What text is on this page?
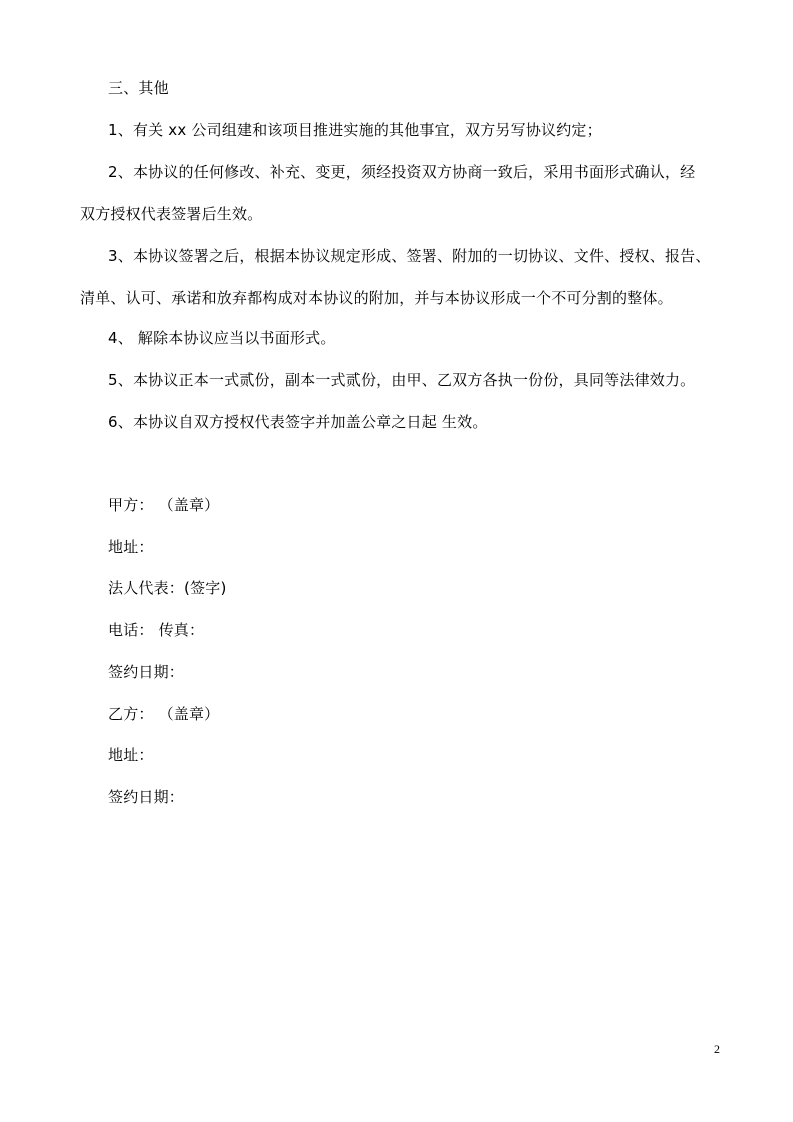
三、其他
1、有关 xx 公司组建和该项目推进实施的其他事宜，双方另写协议约定；
2、本协议的任何修改、补充、变更，须经投资双方协商一致后，采用书面形式确认，经
双方授权代表签署后生效。
3、本协议签署之后，根据本协议规定形成、签署、附加的一切协议、文件、授权、报告、
清单、认可、承诺和放弃都构成对本协议的附加，并与本协议形成一个不可分割的整体。
4、 解除本协议应当以书面形式。
5、本协议正本一式贰份，副本一式贰份，由甲、乙双方各执一份份，具同等法律效力。
6、本协议自双方授权代表签字并加盖公章之日起 生效。
甲方： （盖章）
地址：
法人代表：(签字)
电话： 传真：
签约日期：
乙方： （盖章）
地址：
签约日期：
2
